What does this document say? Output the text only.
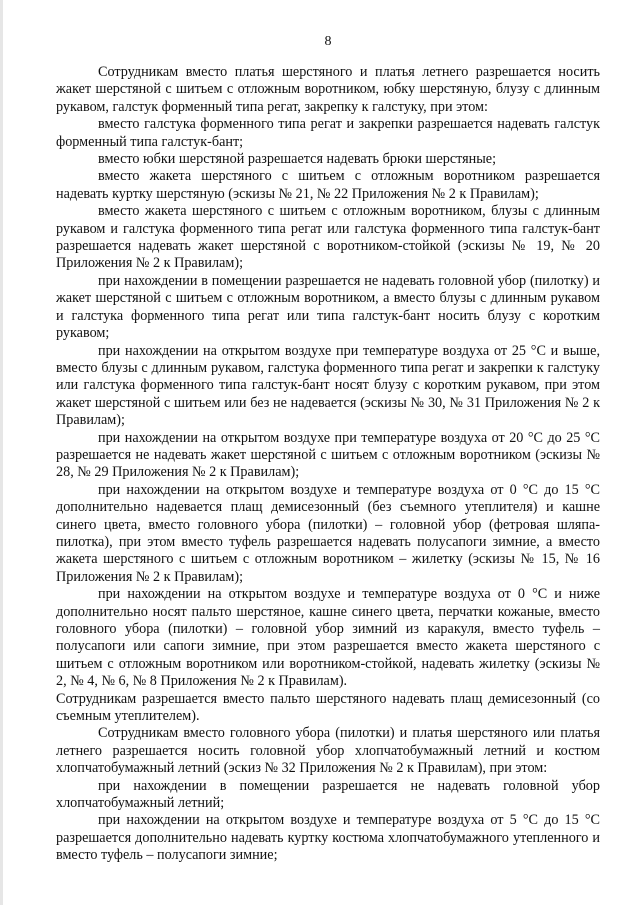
8

Сотрудникам вместо платья шерстяного и платья летнего разрешается носить жакет шерстяной с шитьем с отложным воротником, юбку шерстяную, блузу с длинным рукавом, галстук форменный типа регат, закрепку к галстуку, при этом:

вместо галстука форменного типа регат и закрепки разрешается надевать галстук форменный типа галстук-бант;

вместо юбки шерстяной разрешается надевать брюки шерстяные;

вместо жакета шерстяного с шитьем с отложным воротником разрешается надевать куртку шерстяную (эскизы № 21, № 22 Приложения № 2 к Правилам);

вместо жакета шерстяного с шитьем с отложным воротником, блузы с длинным рукавом и галстука форменного типа регат или галстука форменного типа галстук-бант разрешается надевать жакет шерстяной с воротником-стойкой (эскизы № 19, № 20 Приложения № 2 к Правилам);

при нахождении в помещении разрешается не надевать головной убор (пилотку) и жакет шерстяной с шитьем с отложным воротником, а вместо блузы с длинным рукавом и галстука форменного типа регат или типа галстук-бант носить блузу с коротким рукавом;

при нахождении на открытом воздухе при температуре воздуха от 25 °С и выше, вместо блузы с длинным рукавом, галстука форменного типа регат и закрепки к галстуку или галстука форменного типа галстук-бант носят блузу с коротким рукавом, при этом жакет шерстяной с шитьем или без не надевается (эскизы № 30, № 31 Приложения № 2 к Правилам);

при нахождении на открытом воздухе при температуре воздуха от 20 °С до 25 °С разрешается не надевать жакет шерстяной с шитьем с отложным воротником (эскизы № 28, № 29 Приложения № 2 к Правилам);

при нахождении на открытом воздухе и температуре воздуха от 0 °С до 15 °С дополнительно надевается плащ демисезонный (без съемного утеплителя) и кашне синего цвета, вместо головного убора (пилотки) – головной убор (фетровая шляпа-пилотка), при этом вместо туфель разрешается надевать полусапоги зимние, а вместо жакета шерстяного с шитьем с отложным воротником – жилетку (эскизы № 15, № 16 Приложения № 2 к Правилам);

при нахождении на открытом воздухе и температуре воздуха от 0 °С и ниже дополнительно носят пальто шерстяное, кашне синего цвета, перчатки кожаные, вместо головного убора (пилотки) – головной убор зимний из каракуля, вместо туфель – полусапоги или сапоги зимние, при этом разрешается вместо жакета шерстяного с шитьем с отложным воротником или воротником-стойкой, надевать жилетку (эскизы № 2, № 4, № 6, № 8 Приложения № 2 к Правилам).

Сотрудникам разрешается вместо пальто шерстяного надевать плащ демисезонный (со съемным утеплителем).

Сотрудникам вместо головного убора (пилотки) и платья шерстяного или платья летнего разрешается носить головной убор хлопчатобумажный летний и костюм хлопчатобумажный летний (эскиз № 32 Приложения № 2 к Правилам), при этом:

при нахождении в помещении разрешается не надевать головной убор хлопчатобумажный летний;

при нахождении на открытом воздухе и температуре воздуха от 5 °С до 15 °С разрешается дополнительно надевать куртку костюма хлопчатобумажного утепленного и вместо туфель – полусапоги зимние;
